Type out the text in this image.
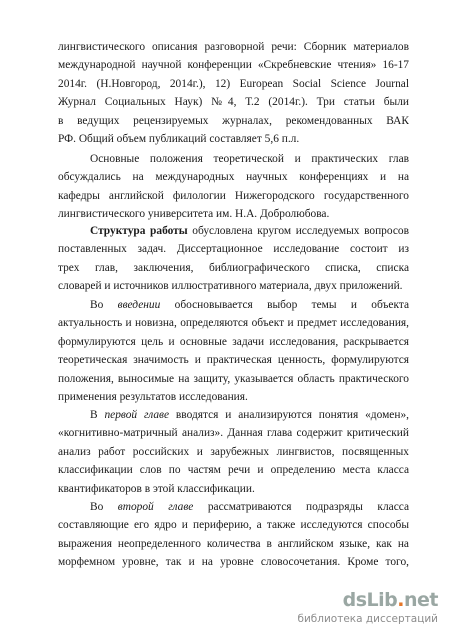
лингвистического описания разговорной речи: Сборник материалов
международной научной конференции «Скребневские чтения» 16-17
2014г. (Н.Новгород, 2014г.), 12) European Social Science Journal
Журнал Социальных Наук) №4, Т.2 (2014г.). Три статьи были
в ведущих рецензируемых журналах, рекомендованных ВАК
РФ. Общий объем публикаций составляет 5,6 п.л.
Основные положения теоретической и практических глав
обсуждались на международных научных конференциях и на
кафедры английской филологии Нижегородского государственного
лингвистического университета им. Н.А. Добролюбова.
Структура работы обусловлена кругом исследуемых вопросов
поставленных задач. Диссертационное исследование состоит из
трех глав, заключения, библиографического списка, списка
словарей и источников иллюстративного материала, двух приложений.
Во введении обосновывается выбор темы и объекта
актуальность и новизна, определяются объект и предмет исследования,
формулируются цель и основные задачи исследования, раскрывается
теоретическая значимость и практическая ценность, формулируются
положения, выносимые на защиту, указывается область практического
применения результатов исследования.
В первой главе вводятся и анализируются понятия «домен»,
«когнитивно-матричный анализ». Данная глава содержит критический
анализ работ российских и зарубежных лингвистов, посвященных
классификации слов по частям речи и определению места класса
квантификаторов в этой классификации.
Во второй главе рассматриваются подразряды класса
составляющие его ядро и периферию, а также исследуются способы
выражения неопределенного количества в английском языке, как на
морфемном уровне, так и на уровне словосочетания. Кроме того,
dsLib.net
библиотека диссертаций
